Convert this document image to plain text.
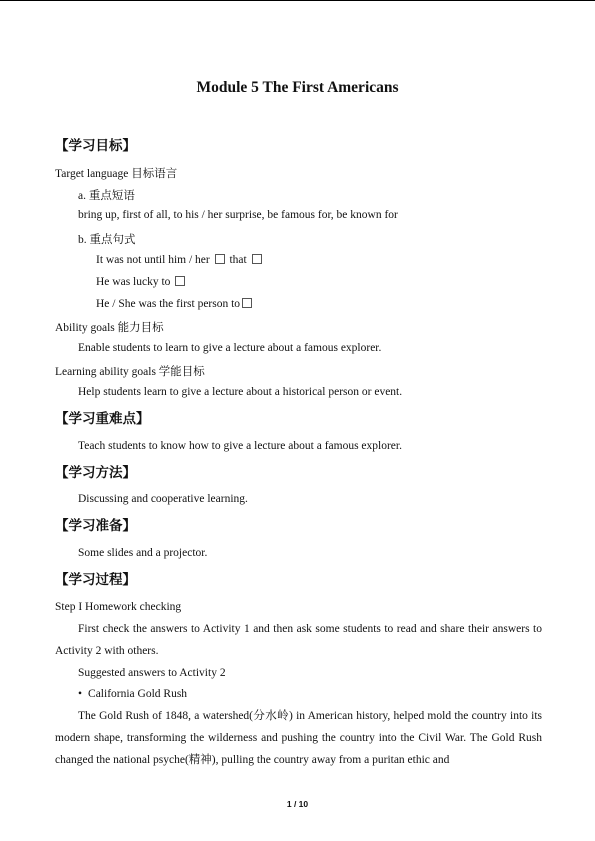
Module 5 The First Americans
【学习目标】
Target language 目标语言
a. 重点短语
bring up, first of all, to his / her surprise, be famous for, be known for
b. 重点句式
It was not until him / her that
He was lucky to
He / She was the first person to
Ability goals 能力目标
Enable students to learn to give a lecture about a famous explorer.
Learning ability goals 学能目标
Help students learn to give a lecture about a historical person or event.
【学习重难点】
Teach students to know how to give a lecture about a famous explorer.
【学习方法】
Discussing and cooperative learning.
【学习准备】
Some slides and a projector.
【学习过程】
Step I Homework checking
First check the answers to Activity 1 and then ask some students to read and share their answers to Activity 2 with others.
Suggested answers to Activity 2
• California Gold Rush
The Gold Rush of 1848, a watershed(分水岭) in American history, helped mold the country into its modern shape, transforming the wilderness and pushing the country into the Civil War. The Gold Rush changed the national psyche(精神), pulling the country away from a puritan ethic and
1 / 10
